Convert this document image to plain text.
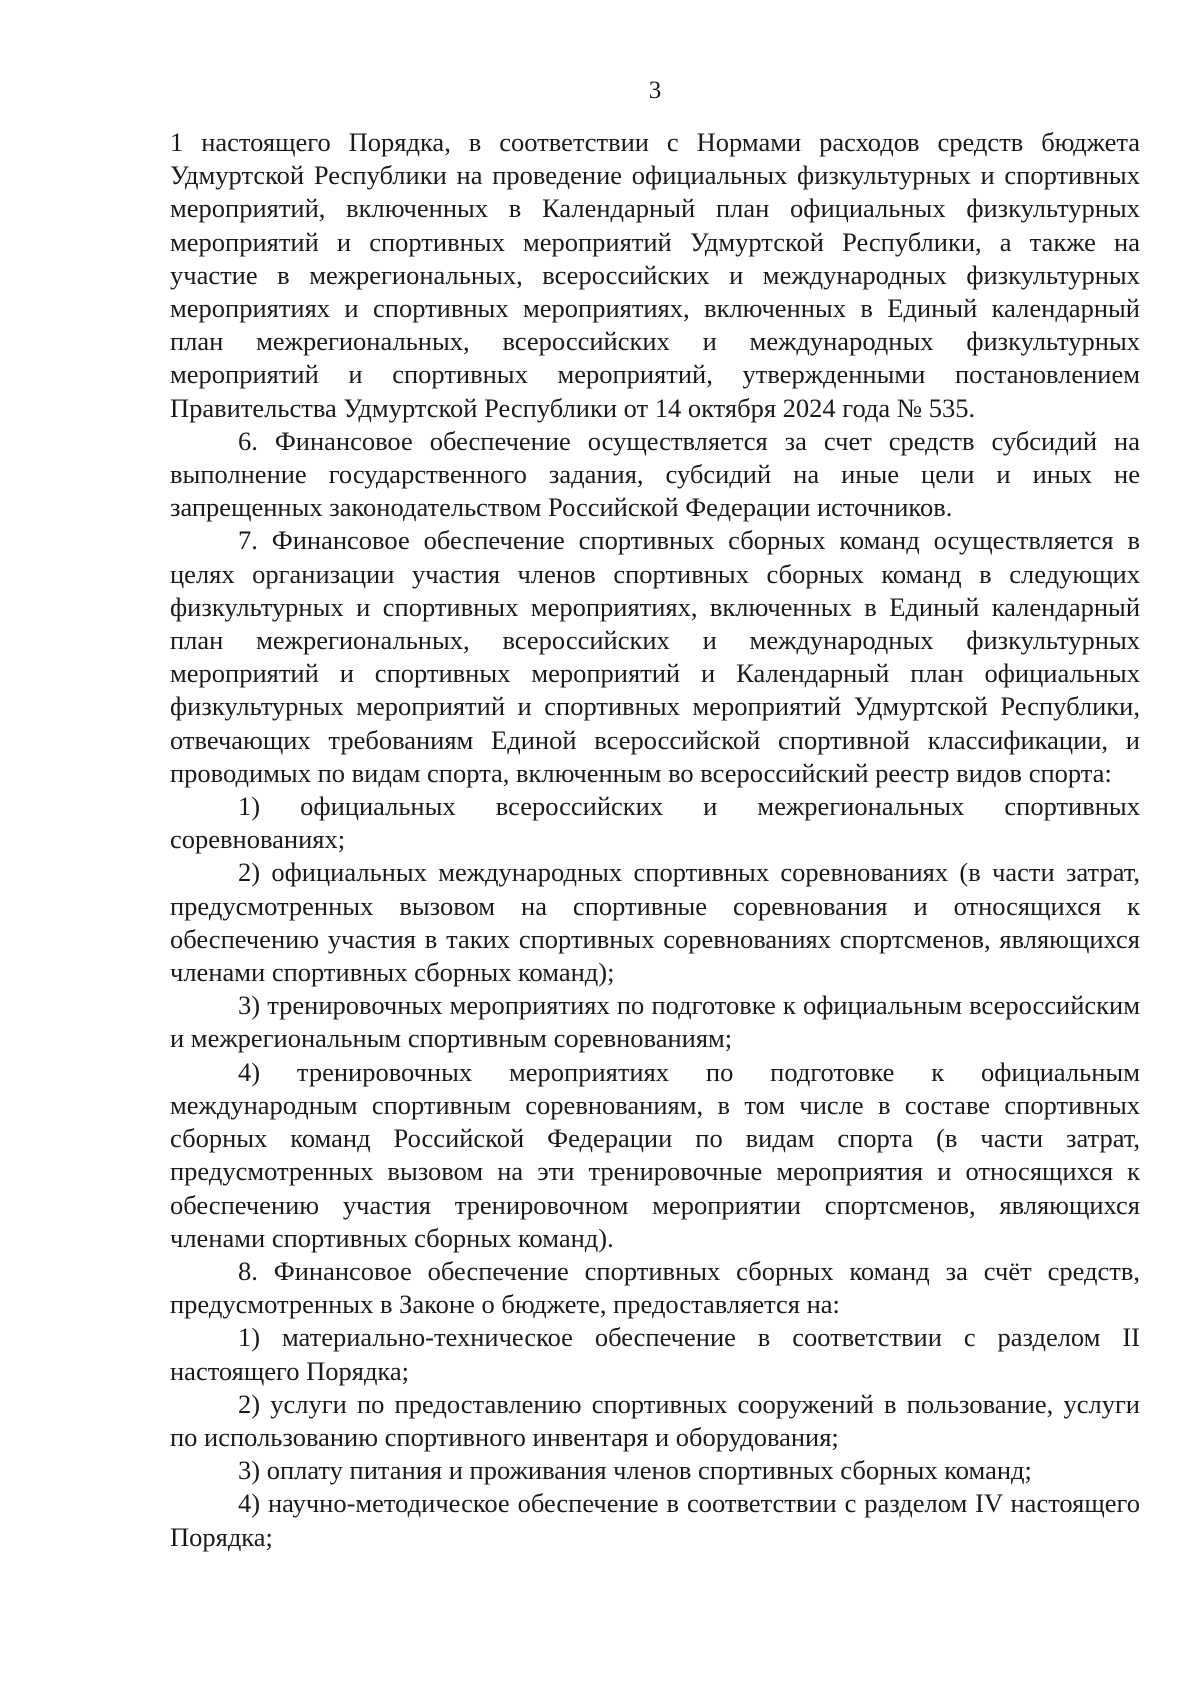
3

1 настоящего Порядка, в соответствии с Нормами расходов средств бюджета Удмуртской Республики на проведение официальных физкультурных и спортивных мероприятий, включенных в Календарный план официальных физкультурных мероприятий и спортивных мероприятий Удмуртской Республики, а также на участие в межрегиональных, всероссийских и международных физкультурных мероприятиях и спортивных мероприятиях, включенных в Единый календарный план межрегиональных, всероссийских и международных физкультурных мероприятий и спортивных мероприятий, утвержденными постановлением Правительства Удмуртской Республики от 14 октября 2024 года № 535.

6. Финансовое обеспечение осуществляется за счет средств субсидий на выполнение государственного задания, субсидий на иные цели и иных не запрещенных законодательством Российской Федерации источников.

7. Финансовое обеспечение спортивных сборных команд осуществляется в целях организации участия членов спортивных сборных команд в следующих физкультурных и спортивных мероприятиях, включенных в Единый календарный план межрегиональных, всероссийских и международных физкультурных мероприятий и спортивных мероприятий и Календарный план официальных физкультурных мероприятий и спортивных мероприятий Удмуртской Республики, отвечающих требованиям Единой всероссийской спортивной классификации, и проводимых по видам спорта, включенным во всероссийский реестр видов спорта:

1) официальных всероссийских и межрегиональных спортивных соревнованиях;

2) официальных международных спортивных соревнованиях (в части затрат, предусмотренных вызовом на спортивные соревнования и относящихся к обеспечению участия в таких спортивных соревнованиях спортсменов, являющихся членами спортивных сборных команд);

3) тренировочных мероприятиях по подготовке к официальным всероссийским и межрегиональным спортивным соревнованиям;

4) тренировочных мероприятиях по подготовке к официальным международным спортивным соревнованиям, в том числе в составе спортивных сборных команд Российской Федерации по видам спорта (в части затрат, предусмотренных вызовом на эти тренировочные мероприятия и относящихся к обеспечению участия тренировочном мероприятии спортсменов, являющихся членами спортивных сборных команд).

8. Финансовое обеспечение спортивных сборных команд за счёт средств, предусмотренных в Законе о бюджете, предоставляется на:

1) материально-техническое обеспечение в соответствии с разделом II настоящего Порядка;

2) услуги по предоставлению спортивных сооружений в пользование, услуги по использованию спортивного инвентаря и оборудования;

3) оплату питания и проживания членов спортивных сборных команд;

4) научно-методическое обеспечение в соответствии с разделом IV настоящего Порядка;
